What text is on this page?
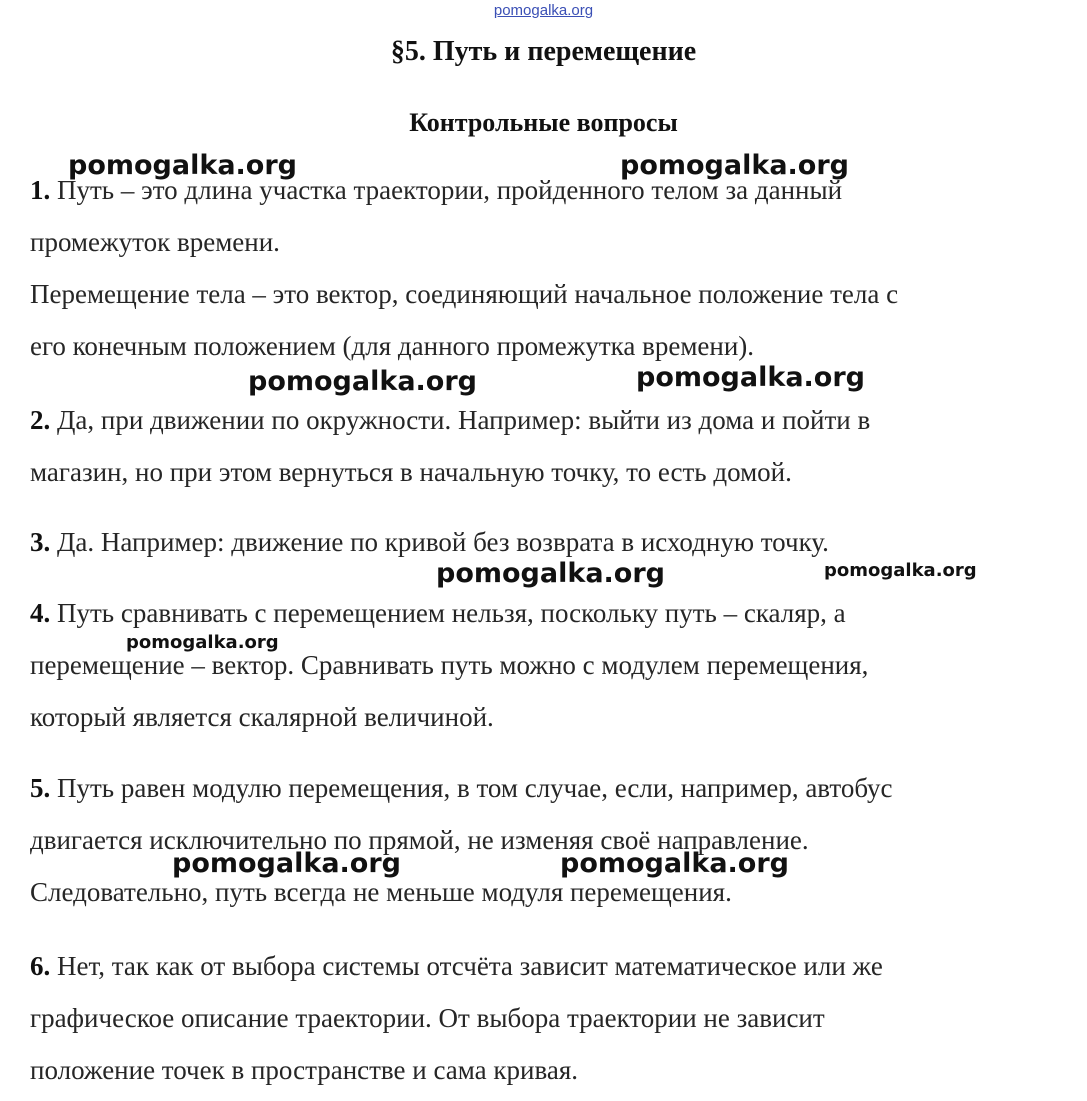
pomogalka.org
§5. Путь и перемещение
Контрольные вопросы
1. Путь – это длина участка траектории, пройденного телом за данный
промежуток времени.
Перемещение тела – это вектор, соединяющий начальное положение тела с
его конечным положением (для данного промежутка времени).
2. Да, при движении по окружности. Например: выйти из дома и пойти в
магазин, но при этом вернуться в начальную точку, то есть домой.
3. Да. Например: движение по кривой без возврата в исходную точку.
4. Путь сравнивать с перемещением нельзя, поскольку путь – скаляр, а
перемещение – вектор. Сравнивать путь можно с модулем перемещения,
который является скалярной величиной.
5. Путь равен модулю перемещения, в том случае, если, например, автобус
двигается исключительно по прямой, не изменяя своё направление.
Следовательно, путь всегда не меньше модуля перемещения.
6. Нет, так как от выбора системы отсчёта зависит математическое или же
графическое описание траектории. От выбора траектории не зависит
положение точек в пространстве и сама кривая.
pomogalka.org	pomogalka.org
pomogalka.org	pomogalka.org
pomogalka.org	pomogalka.org
pomogalka.org
pomogalka.org	pomogalka.org
